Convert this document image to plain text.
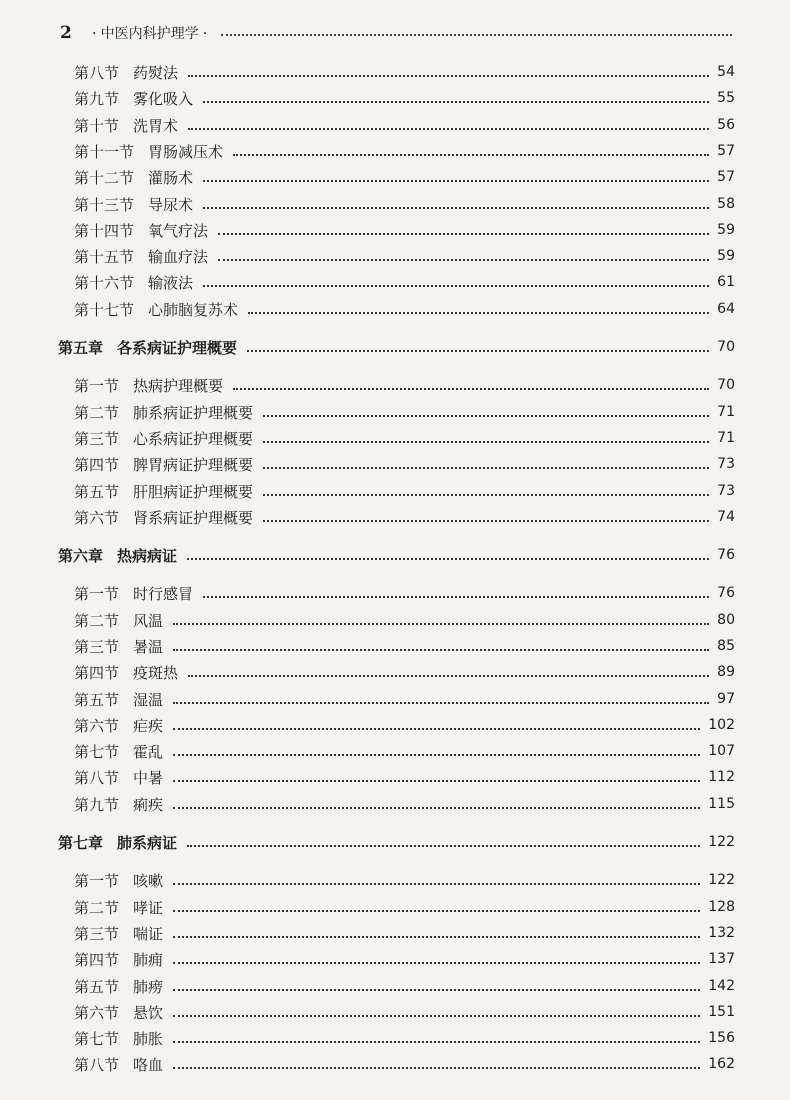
2 · 中医内科护理学 ·
第八节 药熨法	54
第九节 雾化吸入	55
第十节 洗胃术	56
第十一节 胃肠减压术	57
第十二节 灌肠术	57
第十三节 导尿术	58
第十四节 氧气疗法	59
第十五节 输血疗法	59
第十六节 输液法	61
第十七节 心肺脑复苏术	64
第五章 各系病证护理概要	70
第一节 热病护理概要	70
第二节 肺系病证护理概要	71
第三节 心系病证护理概要	71
第四节 脾胃病证护理概要	73
第五节 肝胆病证护理概要	73
第六节 肾系病证护理概要	74
第六章 热病病证	76
第一节 时行感冒	76
第二节 风温	80
第三节 暑温	85
第四节 疫斑热	89
第五节 湿温	97
第六节 疟疾	102
第七节 霍乱	107
第八节 中暑	112
第九节 痢疾	115
第七章 肺系病证	122
第一节 咳嗽	122
第二节 哮证	128
第三节 喘证	132
第四节 肺痈	137
第五节 肺痨	142
第六节 悬饮	151
第七节 肺胀	156
第八节 咯血	162
